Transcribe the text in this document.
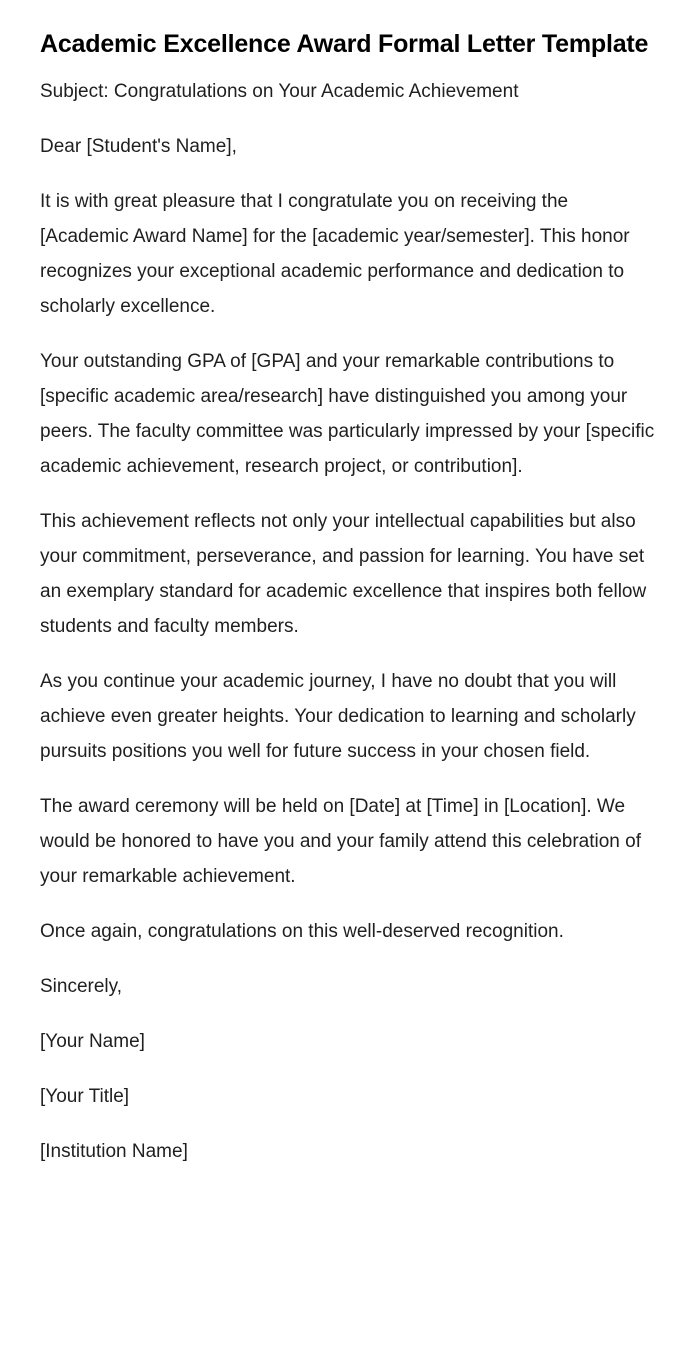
Academic Excellence Award Formal Letter Template

Subject: Congratulations on Your Academic Achievement

Dear [Student's Name],

It is with great pleasure that I congratulate you on receiving the [Academic Award Name] for the [academic year/semester]. This honor recognizes your exceptional academic performance and dedication to scholarly excellence.

Your outstanding GPA of [GPA] and your remarkable contributions to [specific academic area/research] have distinguished you among your peers. The faculty committee was particularly impressed by your [specific academic achievement, research project, or contribution].

This achievement reflects not only your intellectual capabilities but also your commitment, perseverance, and passion for learning. You have set an exemplary standard for academic excellence that inspires both fellow students and faculty members.

As you continue your academic journey, I have no doubt that you will achieve even greater heights. Your dedication to learning and scholarly pursuits positions you well for future success in your chosen field.

The award ceremony will be held on [Date] at [Time] in [Location]. We would be honored to have you and your family attend this celebration of your remarkable achievement.

Once again, congratulations on this well-deserved recognition.

Sincerely,

[Your Name]

[Your Title]

[Institution Name]
